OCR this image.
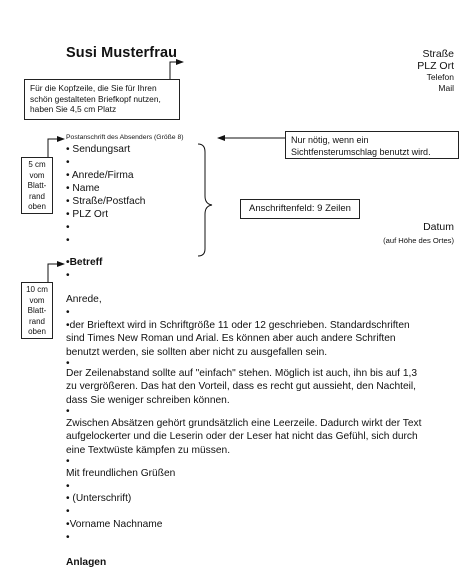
Susi Musterfrau	Straße
PLZ Ort
Telefon
Mail
Für die Kopfzeile, die Sie für Ihren schön gestalteten Briefkopf nutzen, haben Sie 4,5 cm Platz
Nur nötig, wenn ein Sichtfensterumschlag benutzt wird.
5 cm
vom
Blatt-
rand
oben
10 cm
vom
Blatt-
rand
oben
Anschriftenfeld: 9 Zeilen
Postanschrift des Absenders (Größe 8)
• Sendungsart
•
• Anrede/Firma
• Name
• Straße/Postfach
• PLZ Ort
•
•
Datum
(auf Höhe des Ortes)
•Betreff
•
Anrede,
•
•der Brieftext wird in Schriftgröße 11 oder 12 geschrieben. Standardschriften sind Times New Roman und Arial. Es können aber auch andere Schriften benutzt werden, sie sollten aber nicht zu ausgefallen sein.
•
Der Zeilenabstand sollte auf "einfach" stehen. Möglich ist auch, ihn bis auf 1,3 zu vergrößeren. Das hat den Vorteil, dass es recht gut aussieht, den Nachteil, dass Sie weniger schreiben können.
•
Zwischen Absätzen gehört grundsätzlich eine Leerzeile. Dadurch wirkt der Text aufgelockerter und die Leserin oder der Leser hat nicht das Gefühl, sich durch eine Textwüste kämpfen zu müssen.
•
Mit freundlichen Grüßen
•
• (Unterschrift)
•
•Vorname Nachname
•
Anlagen
